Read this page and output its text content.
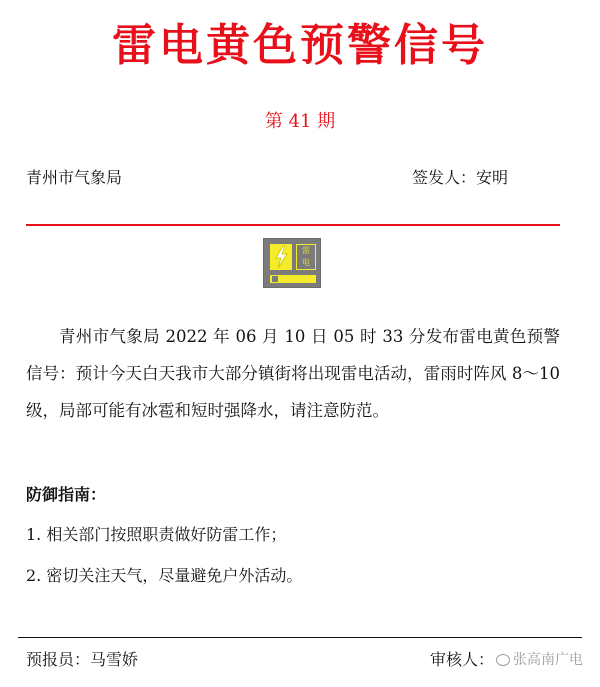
雷电黄色预警信号
第 41 期
青州市气象局	签发人：安明
雷
电
青州市气象局 2022 年 06 月 10 日 05 时 33 分发布雷电黄色预警信号：预计今天白天我市大部分镇街将出现雷电活动，雷雨时阵风 8～10 级，局部可能有冰雹和短时强降水，请注意防范。
防御指南：
1. 相关部门按照职责做好防雷工作；
2. 密切关注天气，尽量避免户外活动。
预报员：马雪娇	审核人：	张高南广电
